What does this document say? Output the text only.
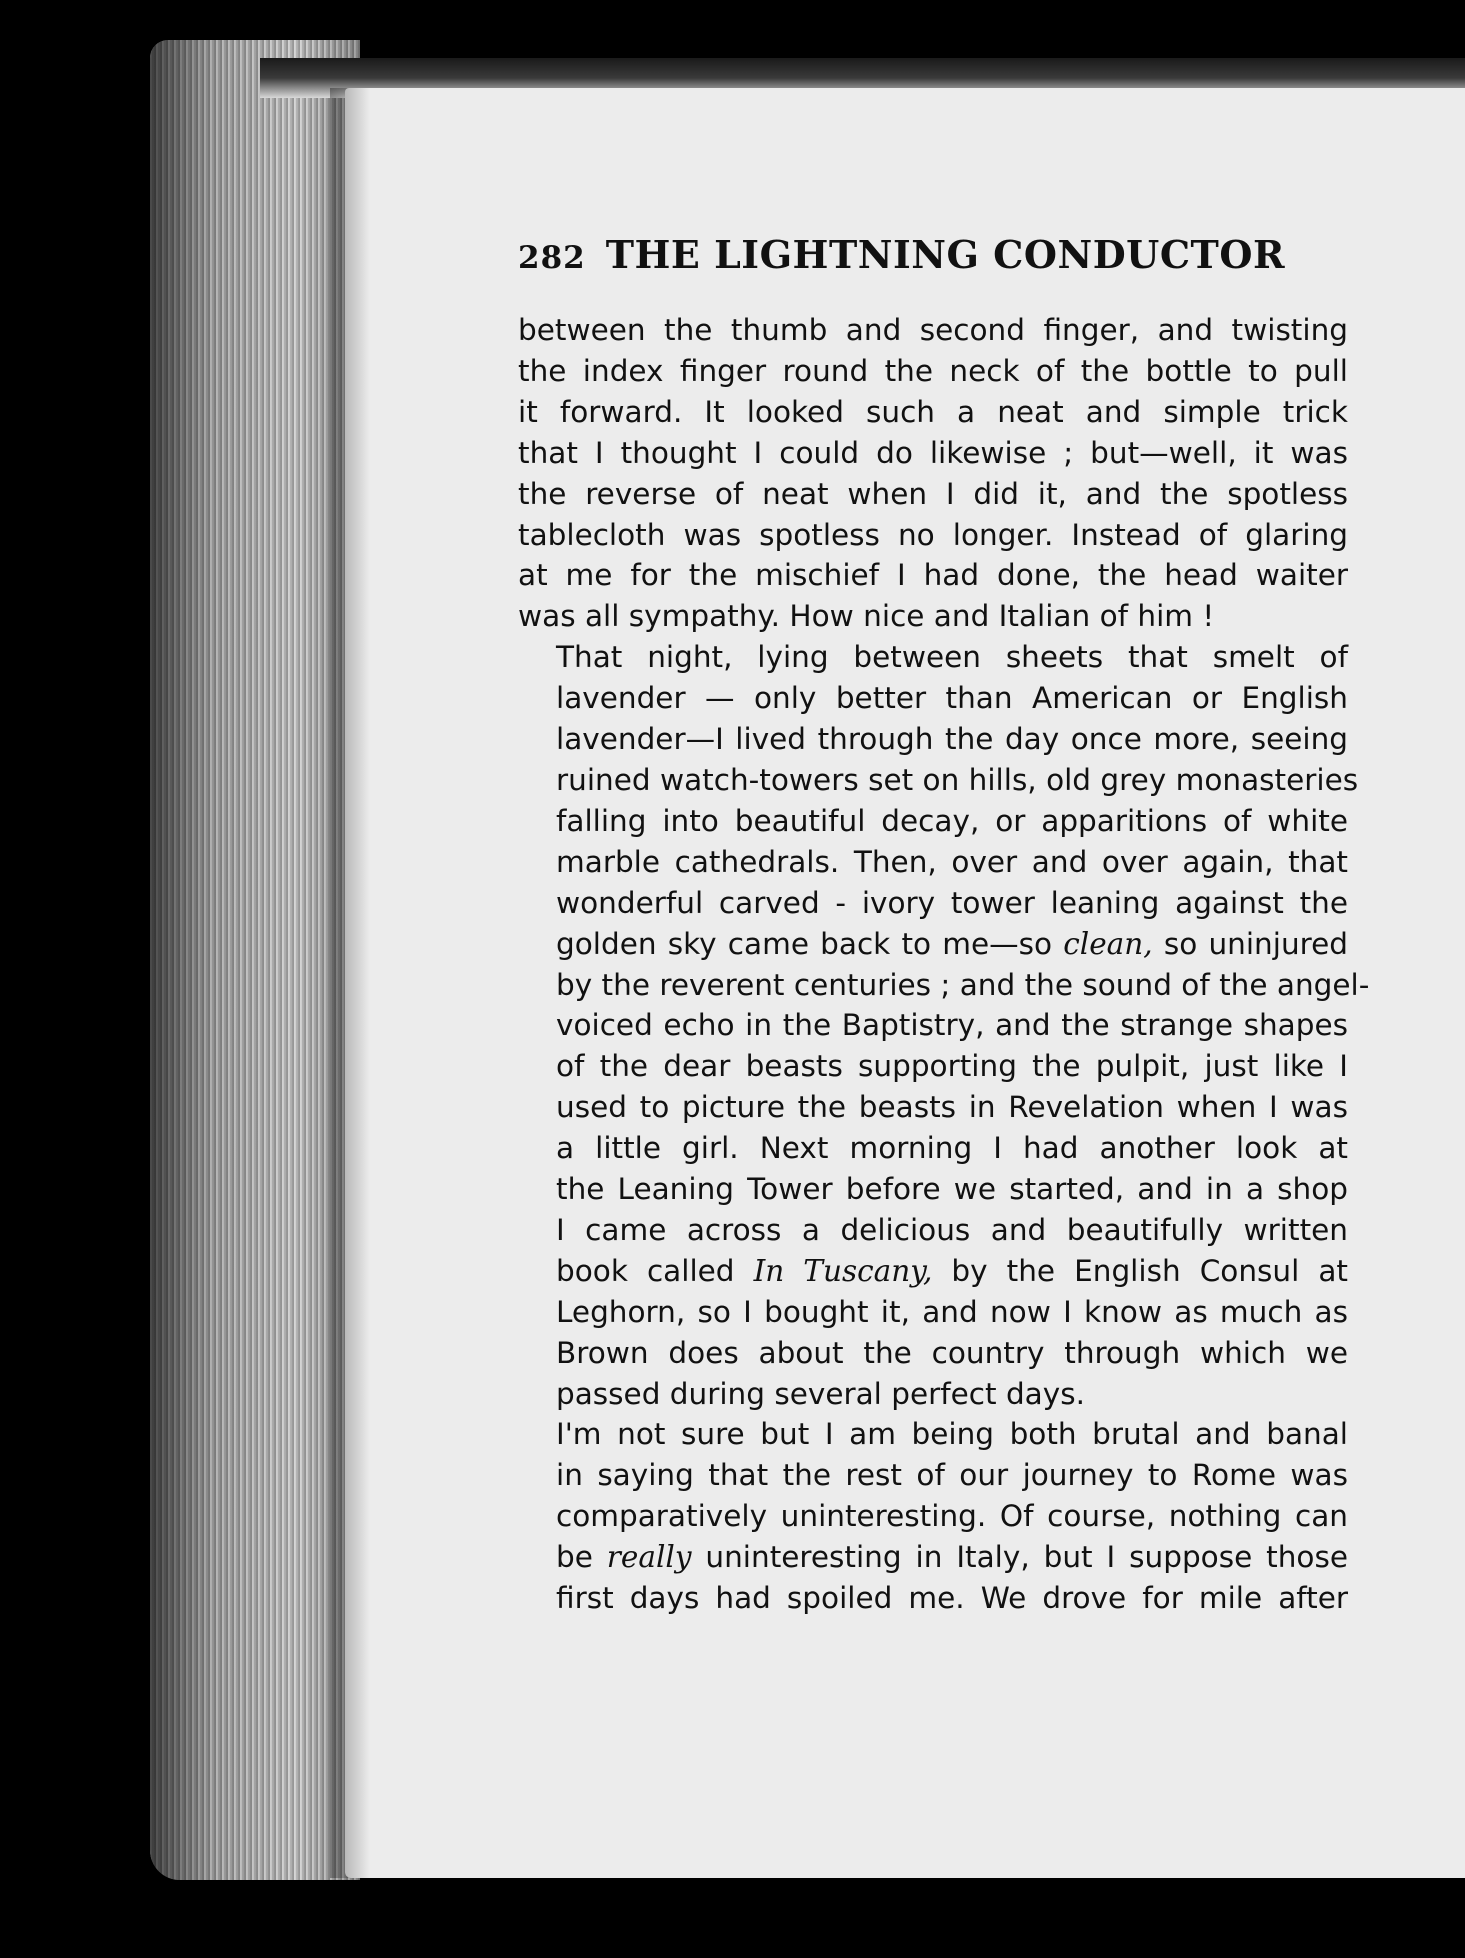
282 THE LIGHTNING CONDUCTOR
between the thumb and second finger, and twisting
the index finger round the neck of the bottle to pull
it forward. It looked such a neat and simple trick
that I thought I could do likewise ; but—well, it was
the reverse of neat when I did it, and the spotless
tablecloth was spotless no longer. Instead of glaring
at me for the mischief I had done, the head waiter
was all sympathy. How nice and Italian of him !
That night, lying between sheets that smelt of
lavender — only better than American or English
lavender—I lived through the day once more, seeing
ruined watch-towers set on hills, old grey monasteries
falling into beautiful decay, or apparitions of white
marble cathedrals. Then, over and over again, that
wonderful carved - ivory tower leaning against the
golden sky came back to me—so clean, so uninjured
by the reverent centuries ; and the sound of the angel-
voiced echo in the Baptistry, and the strange shapes
of the dear beasts supporting the pulpit, just like I
used to picture the beasts in Revelation when I was
a little girl. Next morning I had another look at
the Leaning Tower before we started, and in a shop
I came across a delicious and beautifully written
book called In Tuscany, by the English Consul at
Leghorn, so I bought it, and now I know as much as
Brown does about the country through which we
passed during several perfect days.
I'm not sure but I am being both brutal and banal
in saying that the rest of our journey to Rome was
comparatively uninteresting. Of course, nothing can
be really uninteresting in Italy, but I suppose those
first days had spoiled me. We drove for mile after
